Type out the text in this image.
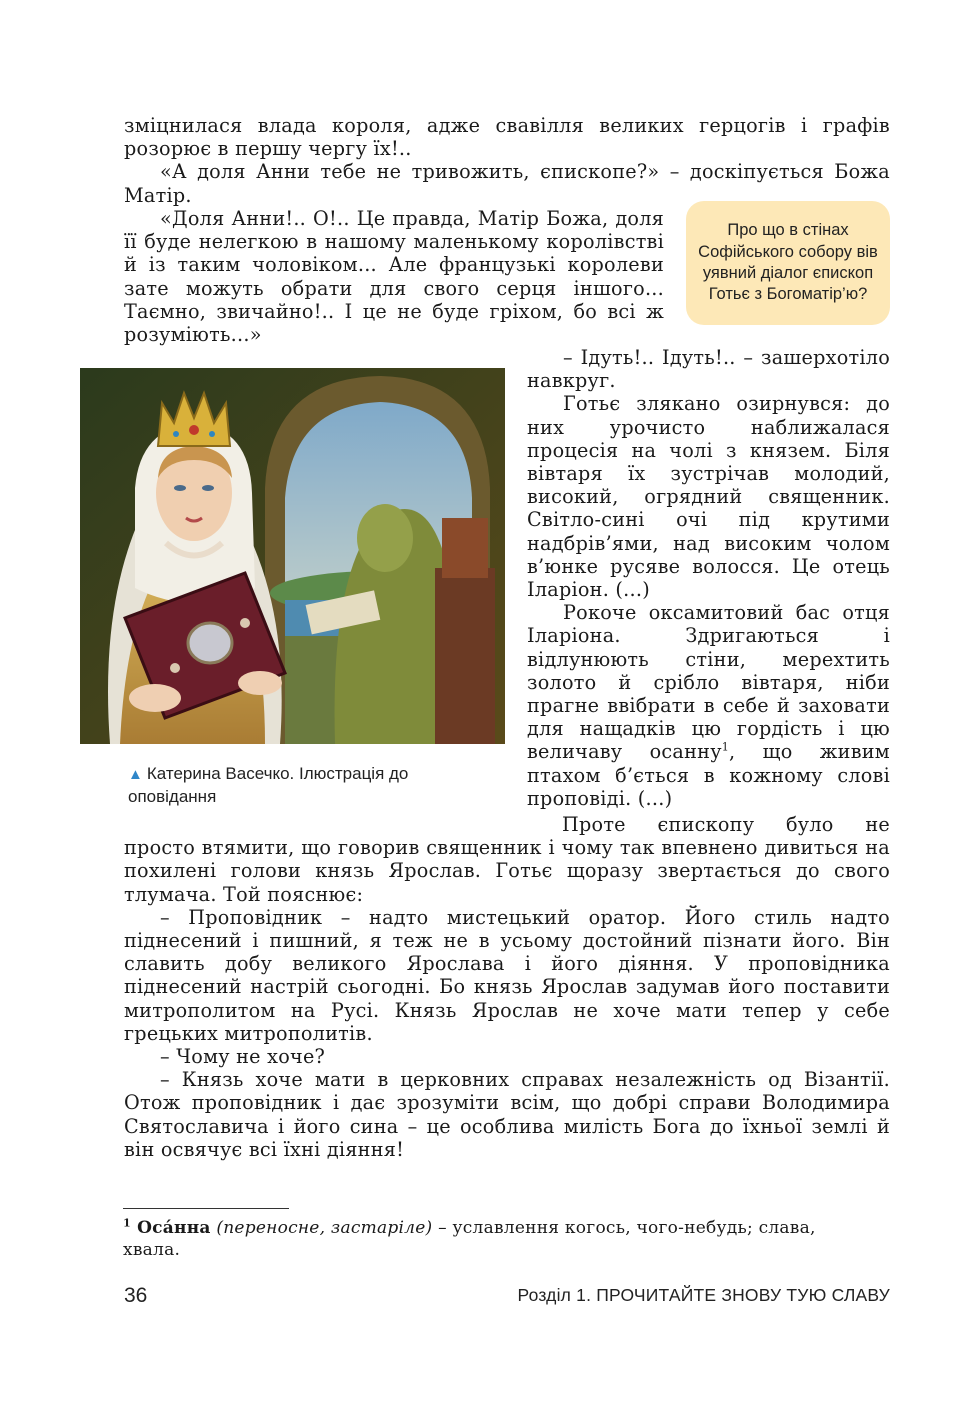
зміцнилася влада короля, адже свавілля великих герцогів і графів розорює в першу чергу їх!..

«А доля Анни тебе не тривожить, єпископе?» – доскіпується Божа Матір.

«Доля Анни!.. О!.. Це правда, Матір Божа, доля її буде нелегкою в нашому маленькому королівстві й із таким чоловіком... Але французькі королеви зате можуть обрати для свого серця іншого... Таємно, звичайно!.. І це не буде гріхом, бо всі ж розуміють...»

Про що в стінах Софійського собору вів уявний діалог єпископ Готьє з Богоматір’ю?
▲ Катерина Васечко. Ілюстрація до оповідання

– Ідуть!.. Ідуть!.. – зашерхотіло навкруг.

Готьє злякано озирнувся: до них урочисто наближалася процесія на чолі з князем. Біля вівтаря їх зустрічав молодий, високий, огрядний священник. Світло-сині очі під крутими надбрів’ями, над високим чолом в’юнке русяве волосся. Це отець Іларіон. (...)

Рокоче оксамитовий бас отця Іларіона. Здригаються і відлунюють стіни, мерехтить золото й срібло вівтаря, ніби прагне ввібрати в себе й заховати для нащадків цю гордість і цю величаву осанну$^1$, що живим птахом б’ється в кожному слові проповіді. (...)

Проте єпископу було не просто втямити, що говорив священник і чому так впевнено дивиться на похилені голови князь Ярослав. Готьє щоразу звертається до свого тлумача. Той пояснює:

– Проповідник – надто мистецький оратор. Його стиль надто піднесений і пишний, я теж не в усьому достойний пізнати його. Він славить добу великого Ярослава і його діяння. У проповідника піднесений настрій сьогодні. Бо князь Ярослав задумав його поставити митрополитом на Русі. Князь Ярослав не хоче мати тепер у себе грецьких митрополитів.

– Чому не хоче?

– Князь хоче мати в церковних справах незалежність од Візантії. Отож проповідник і дає зрозуміти всім, що добрі справи Володимира Святославича і його сина – це особлива милість Бога до їхньої землі й він освячує всі їхні діяння!

$^1$ Оса́нна (переносне, застаріле) – уславлення когось, чого-небудь; слава, хвала.
36	Розділ 1. ПРОЧИТАЙТЕ ЗНОВУ ТУЮ СЛАВУ
